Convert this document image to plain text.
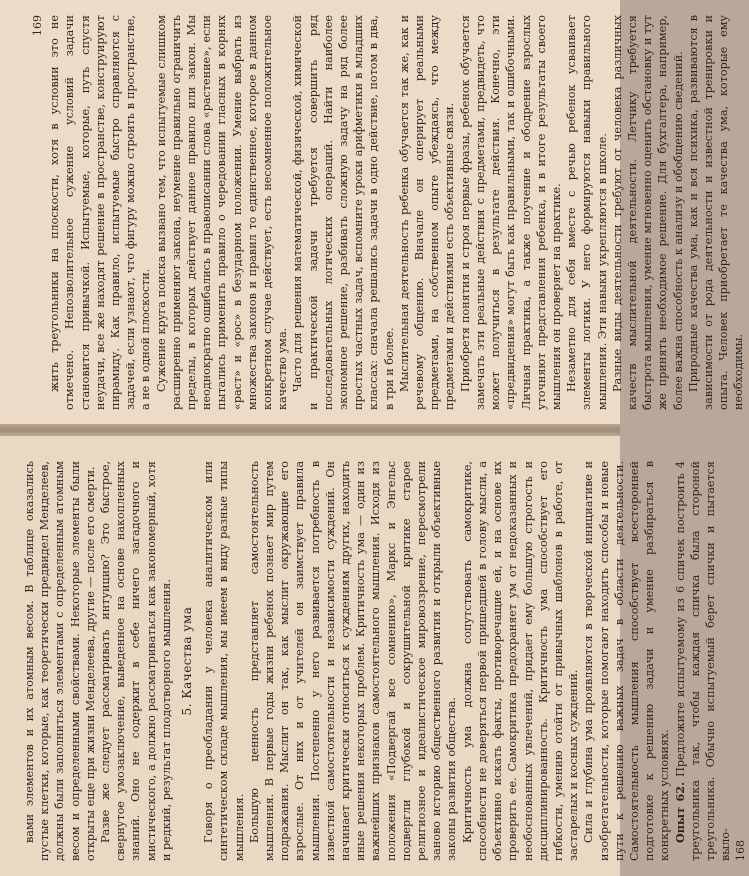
169 жить треугольники на плоскости, хотя в условии это не отмечено. Непозволительное сужение условий задачи становится привычкой. Испытуемые, которые, путь спустя неудачи, все же находят решение в пространстве, конструируют пирамиду. Как правило, испытуемые быстро справляются с задачей, если узнают, что фигуру можно строить в пространстве, а не в одной плоскости. Сужение круга поиска вызвано тем, что испытуемые слишком расширенно применяют закона, неумение правильно ограничить пределы, в которых действует данное правило или закон. Мы неоднократно ошибались в правописании слова «растение», если пытались применить правило о чередовании гласных в корнях «раст» и «рос» в безударном положении. Умение выбрать из множества законов и правил то единственное, которое в данном конкретном случае действует, есть несомненное положительное качество ума. Часто для решения математической, физической, химической и практической задачи требуется совершить ряд последовательных логических операций. Найти наиболее экономное решение, разбивать сложную задачу на ряд более простых частных задач, вспомните уроки арифметики в младших классах: сначала решались задачи в одно действие, потом в два, в три и более. Мыслительная деятельность ребенка обучается так же, как и речевому общению. Вначале он оперирует реальными предметами, на собственном опыте убеждаясь, что между предметами и действиями есть объективные связи. Приобретя понятия и строя первые фразы, ребенок обучается замечать эти реальные действия с предметами, предвидеть, что может получиться в результате действия. Конечно, эти «предвидения» могут быть как правильными, так и ошибочными. Личная практика, а также поучение и ободрение взрослых уточняют представления ребенка, и в итоге результаты своего мышления он проверяет на практике. Незаметно для себя вместе с речью ребенок усваивает элементы логики. У него формируются навыки правильного мышления. Эти навыки укрепляются в школе. Разные виды деятельности требуют от человека различных качеств мыслительной деятельности. Летчику требуется быстрота мышления, умение мгновенно оценить обстановку и тут же принять необходимое решение. Для бухгалтера, например, более важна способность к анализу и обобщению сведений. Природные качества ума, как и вся психика, развиваются в зависимости от рода деятельности и известной тренировки и опыта. Человек приобретает те качества ума, которые ему необходимы.

вами элементов и их атомным весом. В таблице оказались пустые клетки, которые, как теоретически предвидел Менделеев, должны были заполниться элементами с определенным атомным весом и определенными свойствами. Некоторые элементы были открыты еще при жизни Менделеева, другие — после его смерти. Разве же следует рассматривать интуицию? Это быстрое, свернутое умозаключение, выведенное на основе накопленных знаний. Оно не содержит в себе ничего загадочного и мистического, а должно рассматриваться как закономерный, хотя и редкий, результат плодотворного мышления. 5. Качества ума Говоря о преобладании у человека аналитическом или синтетическом складе мышления, мы имеем в виду разные типы мышления. Большую ценность представляет самостоятельность мышления. В первые годы жизни ребенок познает мир путем подражания. Мыслит он так, как мыслит окружающие его взрослые. От них и от учителей он заимствует правила мышления. Постепенно у него развивается потребность в известной самостоятельности и независимости суждений. Он начинает критически относиться к суждениям других, находить иные решения некоторых проблем. Критичность ума — один из важнейших признаков самостоятельного мышления. Исходя из положения «Подвергай все сомнению», Маркс и Энгельс подвергли глубокой и сокрушительной критике старое религиозное и идеалистическое мировоззрение, пересмотрели заново историю общественного развития и открыли объективные законы развития общества. Критичность ума должна сопутствовать самокритике, способности не доверяться первой пришедшей в голову мысли, а объективно искать факты, противоречащие ей, и на основе их проверить ее. Самокритика предохраняет ум от недоказанных и необоснованных увлечений, придает ему большую строгость и дисциплинированность. Критичность ума способствует его гибкости, умению отойти от привычных шаблонов в работе, от застарелых и косных суждений. Сила и глубина ума проявляются в творческой инициативе и изобретательности, которые помогают находить способы и новые пути к решению важных задач в области деятельности. Самостоятельность мышления способствует всесторонней подготовке к решению задачи и умение разбираться в конкретных условиях. Опыт 62. Предложите испытуемому из 6 спичек построить 4 треугольника так, чтобы каждая спичка была стороной треугольника. Обычно испытуемый берет спички и пытается выло- 168
